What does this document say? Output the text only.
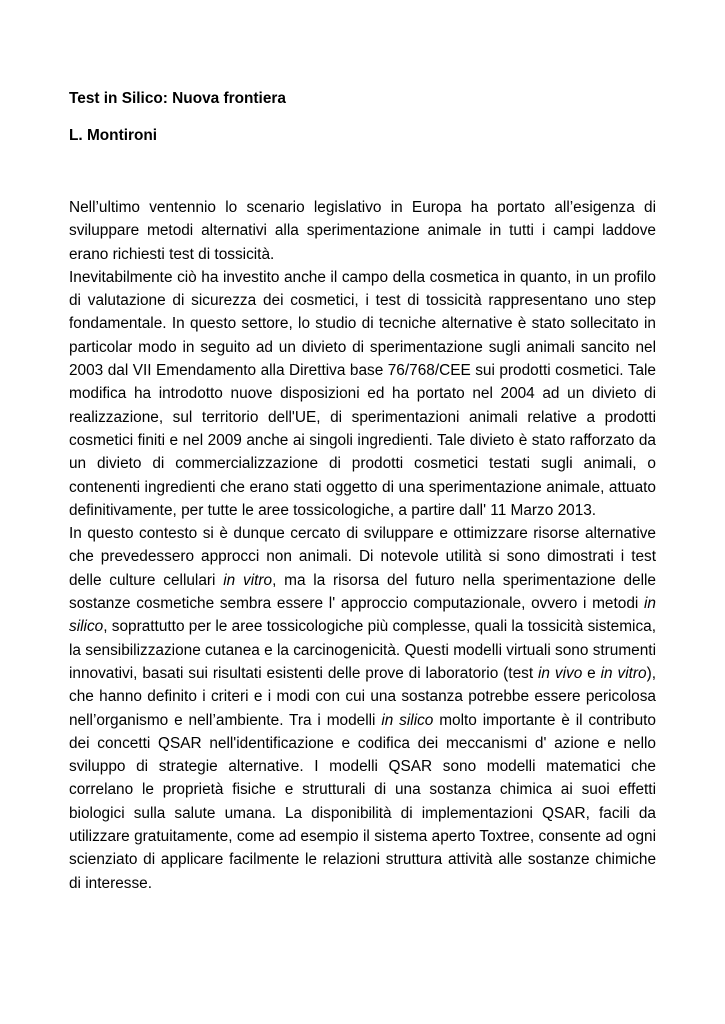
Test in Silico: Nuova frontiera

L. Montironi

Nell’ultimo ventennio lo scenario legislativo in Europa ha portato all’esigenza di sviluppare metodi alternativi alla sperimentazione animale in tutti i campi laddove erano richiesti test di tossicità.

Inevitabilmente ciò ha investito anche il campo della cosmetica in quanto, in un profilo di valutazione di sicurezza dei cosmetici, i test di tossicità rappresentano uno step fondamentale. In questo settore, lo studio di tecniche alternative è stato sollecitato in particolar modo in seguito ad un divieto di sperimentazione sugli animali sancito nel 2003 dal VII Emendamento alla Direttiva base 76/768/CEE sui prodotti cosmetici. Tale modifica ha introdotto nuove disposizioni ed ha portato nel 2004 ad un divieto di realizzazione, sul territorio dell'UE, di sperimentazioni animali relative a prodotti cosmetici finiti e nel 2009 anche ai singoli ingredienti. Tale divieto è stato rafforzato da un divieto di commercializzazione di prodotti cosmetici testati sugli animali, o contenenti ingredienti che erano stati oggetto di una sperimentazione animale, attuato definitivamente, per tutte le aree tossicologiche, a partire dall' 11 Marzo 2013.

In questo contesto si è dunque cercato di sviluppare e ottimizzare risorse alternative che prevedessero approcci non animali. Di notevole utilità si sono dimostrati i test delle culture cellulari in vitro, ma la risorsa del futuro nella sperimentazione delle sostanze cosmetiche sembra essere l' approccio computazionale, ovvero i metodi in silico, soprattutto per le aree tossicologiche più complesse, quali la tossicità sistemica, la sensibilizzazione cutanea e la carcinogenicità. Questi modelli virtuali sono strumenti innovativi, basati sui risultati esistenti delle prove di laboratorio (test in vivo e in vitro), che hanno definito i criteri e i modi con cui una sostanza potrebbe essere pericolosa nell’organismo e nell’ambiente. Tra i modelli in silico molto importante è il contributo dei concetti QSAR nell'identificazione e codifica dei meccanismi d' azione e nello sviluppo di strategie alternative. I modelli QSAR sono modelli matematici che correlano le proprietà fisiche e strutturali di una sostanza chimica ai suoi effetti biologici sulla salute umana. La disponibilità di implementazioni QSAR, facili da utilizzare gratuitamente, come ad esempio il sistema aperto Toxtree, consente ad ogni scienziato di applicare facilmente le relazioni struttura attività alle sostanze chimiche di interesse.
